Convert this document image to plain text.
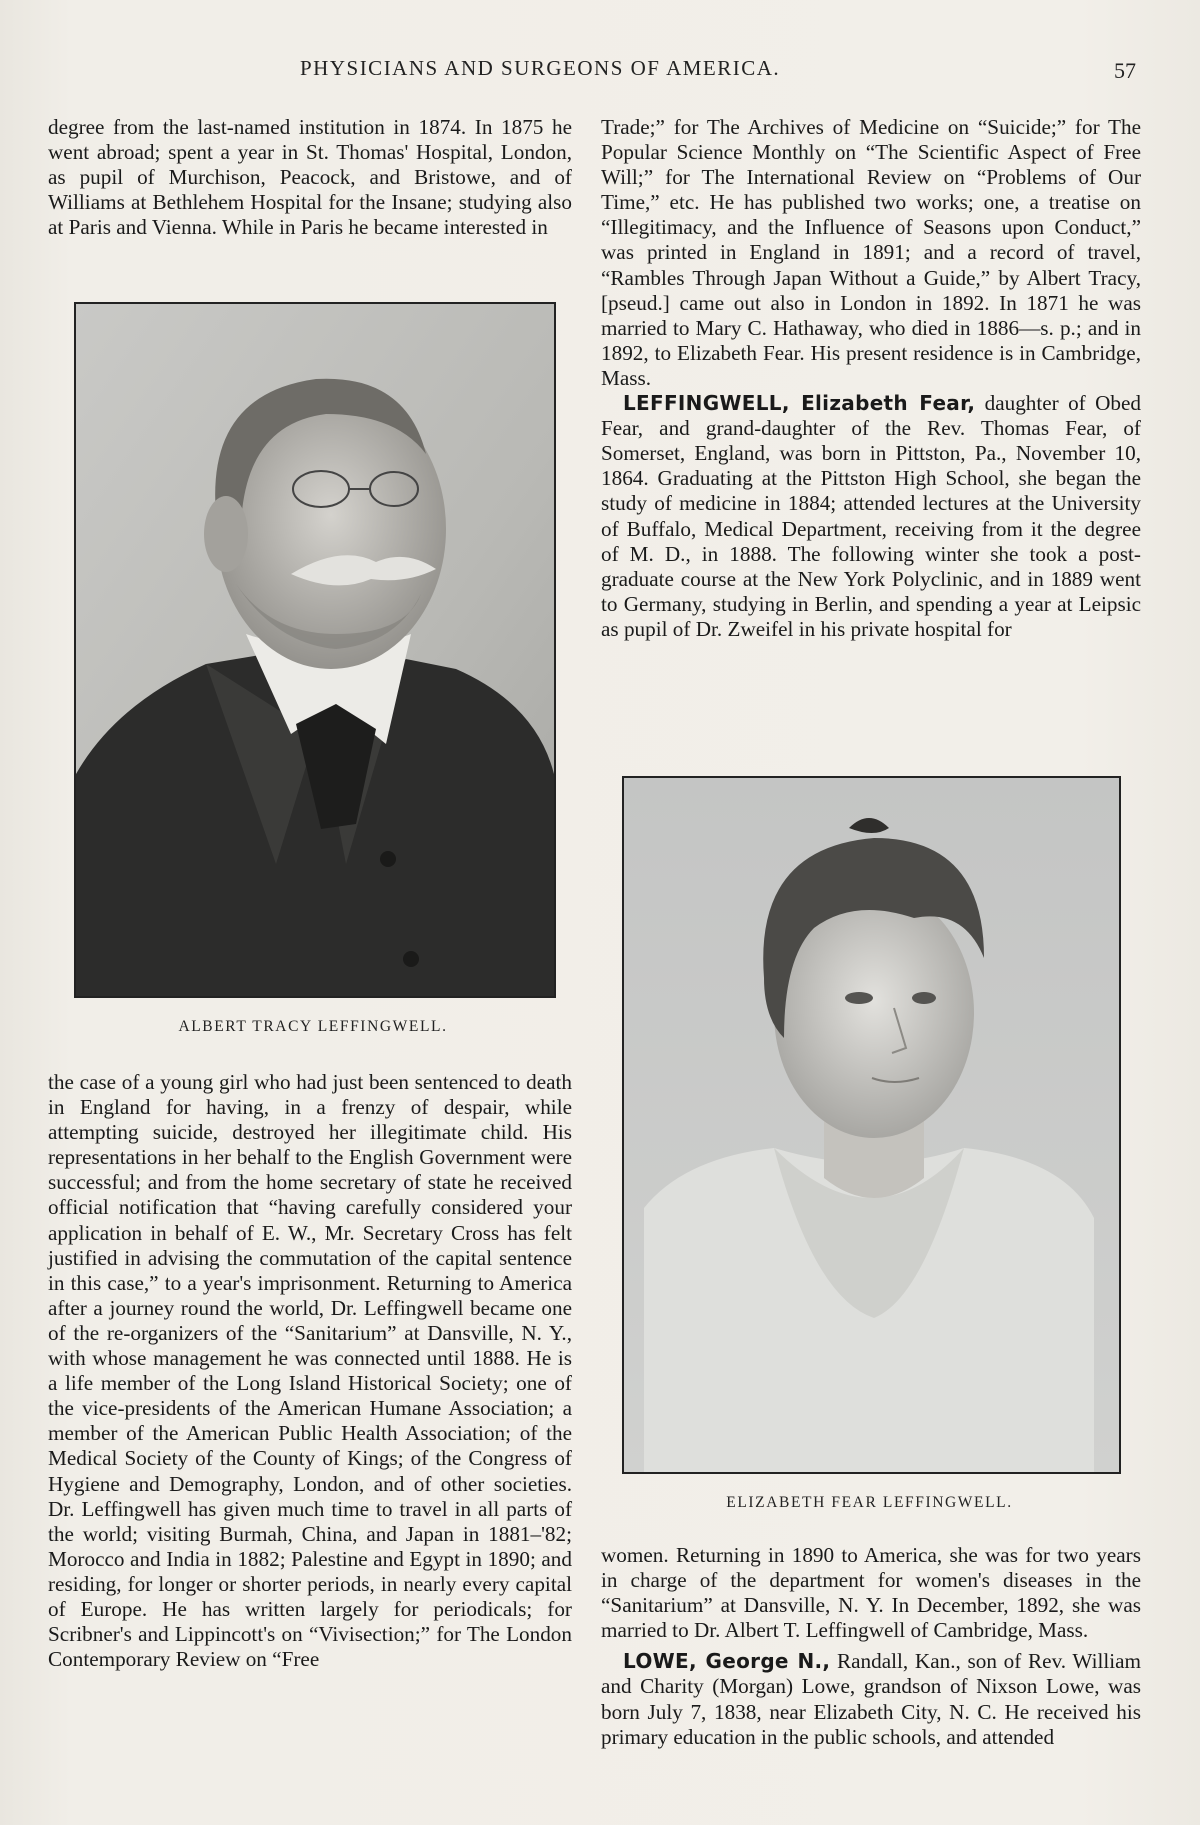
PHYSICIANS AND SURGEONS OF AMERICA.	57

degree from the last-named institution in 1874. In 1875 he went abroad; spent a year in St. Thomas' Hospital, London, as pupil of Murchison, Peacock, and Bristowe, and of Williams at Bethlehem Hospital for the Insane; studying also at Paris and Vienna. While in Paris he became interested in

ALBERT TRACY LEFFINGWELL.

the case of a young girl who had just been sentenced to death in England for having, in a frenzy of despair, while attempting suicide, destroyed her illegitimate child. His representations in her behalf to the English Government were successful; and from the home secretary of state he received official notification that “having carefully considered your application in behalf of E. W., Mr. Secretary Cross has felt justified in advising the commutation of the capital sentence in this case,” to a year's imprisonment. Returning to America after a journey round the world, Dr. Leffingwell became one of the re-organizers of the “Sanitarium” at Dansville, N. Y., with whose management he was connected until 1888. He is a life member of the Long Island Historical Society; one of the vice-presidents of the American Humane Association; a member of the American Public Health Association; of the Medical Society of the County of Kings; of the Congress of Hygiene and Demography, London, and of other societies. Dr. Leffingwell has given much time to travel in all parts of the world; visiting Burmah, China, and Japan in 1881–'82; Morocco and India in 1882; Palestine and Egypt in 1890; and residing, for longer or shorter periods, in nearly every capital of Europe. He has written largely for periodicals; for Scribner's and Lippincott's on “Vivisection;” for The London Contemporary Review on “Free

Trade;” for The Archives of Medicine on “Suicide;” for The Popular Science Monthly on “The Scientific Aspect of Free Will;” for The International Review on “Problems of Our Time,” etc. He has published two works; one, a treatise on “Illegitimacy, and the Influence of Seasons upon Conduct,” was printed in England in 1891; and a record of travel, “Rambles Through Japan Without a Guide,” by Albert Tracy, [pseud.] came out also in London in 1892. In 1871 he was married to Mary C. Hathaway, who died in 1886—s. p.; and in 1892, to Elizabeth Fear. His present residence is in Cambridge, Mass.

LEFFINGWELL, Elizabeth Fear, daughter of Obed Fear, and grand-daughter of the Rev. Thomas Fear, of Somerset, England, was born in Pittston, Pa., November 10, 1864. Graduating at the Pittston High School, she began the study of medicine in 1884; attended lectures at the University of Buffalo, Medical Department, receiving from it the degree of M. D., in 1888. The following winter she took a post-graduate course at the New York Polyclinic, and in 1889 went to Germany, studying in Berlin, and spending a year at Leipsic as pupil of Dr. Zweifel in his private hospital for

ELIZABETH FEAR LEFFINGWELL.

women. Returning in 1890 to America, she was for two years in charge of the department for women's diseases in the “Sanitarium” at Dansville, N. Y. In December, 1892, she was married to Dr. Albert T. Leffingwell of Cambridge, Mass.

LOWE, George N., Randall, Kan., son of Rev. William and Charity (Morgan) Lowe, grandson of Nixson Lowe, was born July 7, 1838, near Elizabeth City, N. C. He received his primary education in the public schools, and attended
